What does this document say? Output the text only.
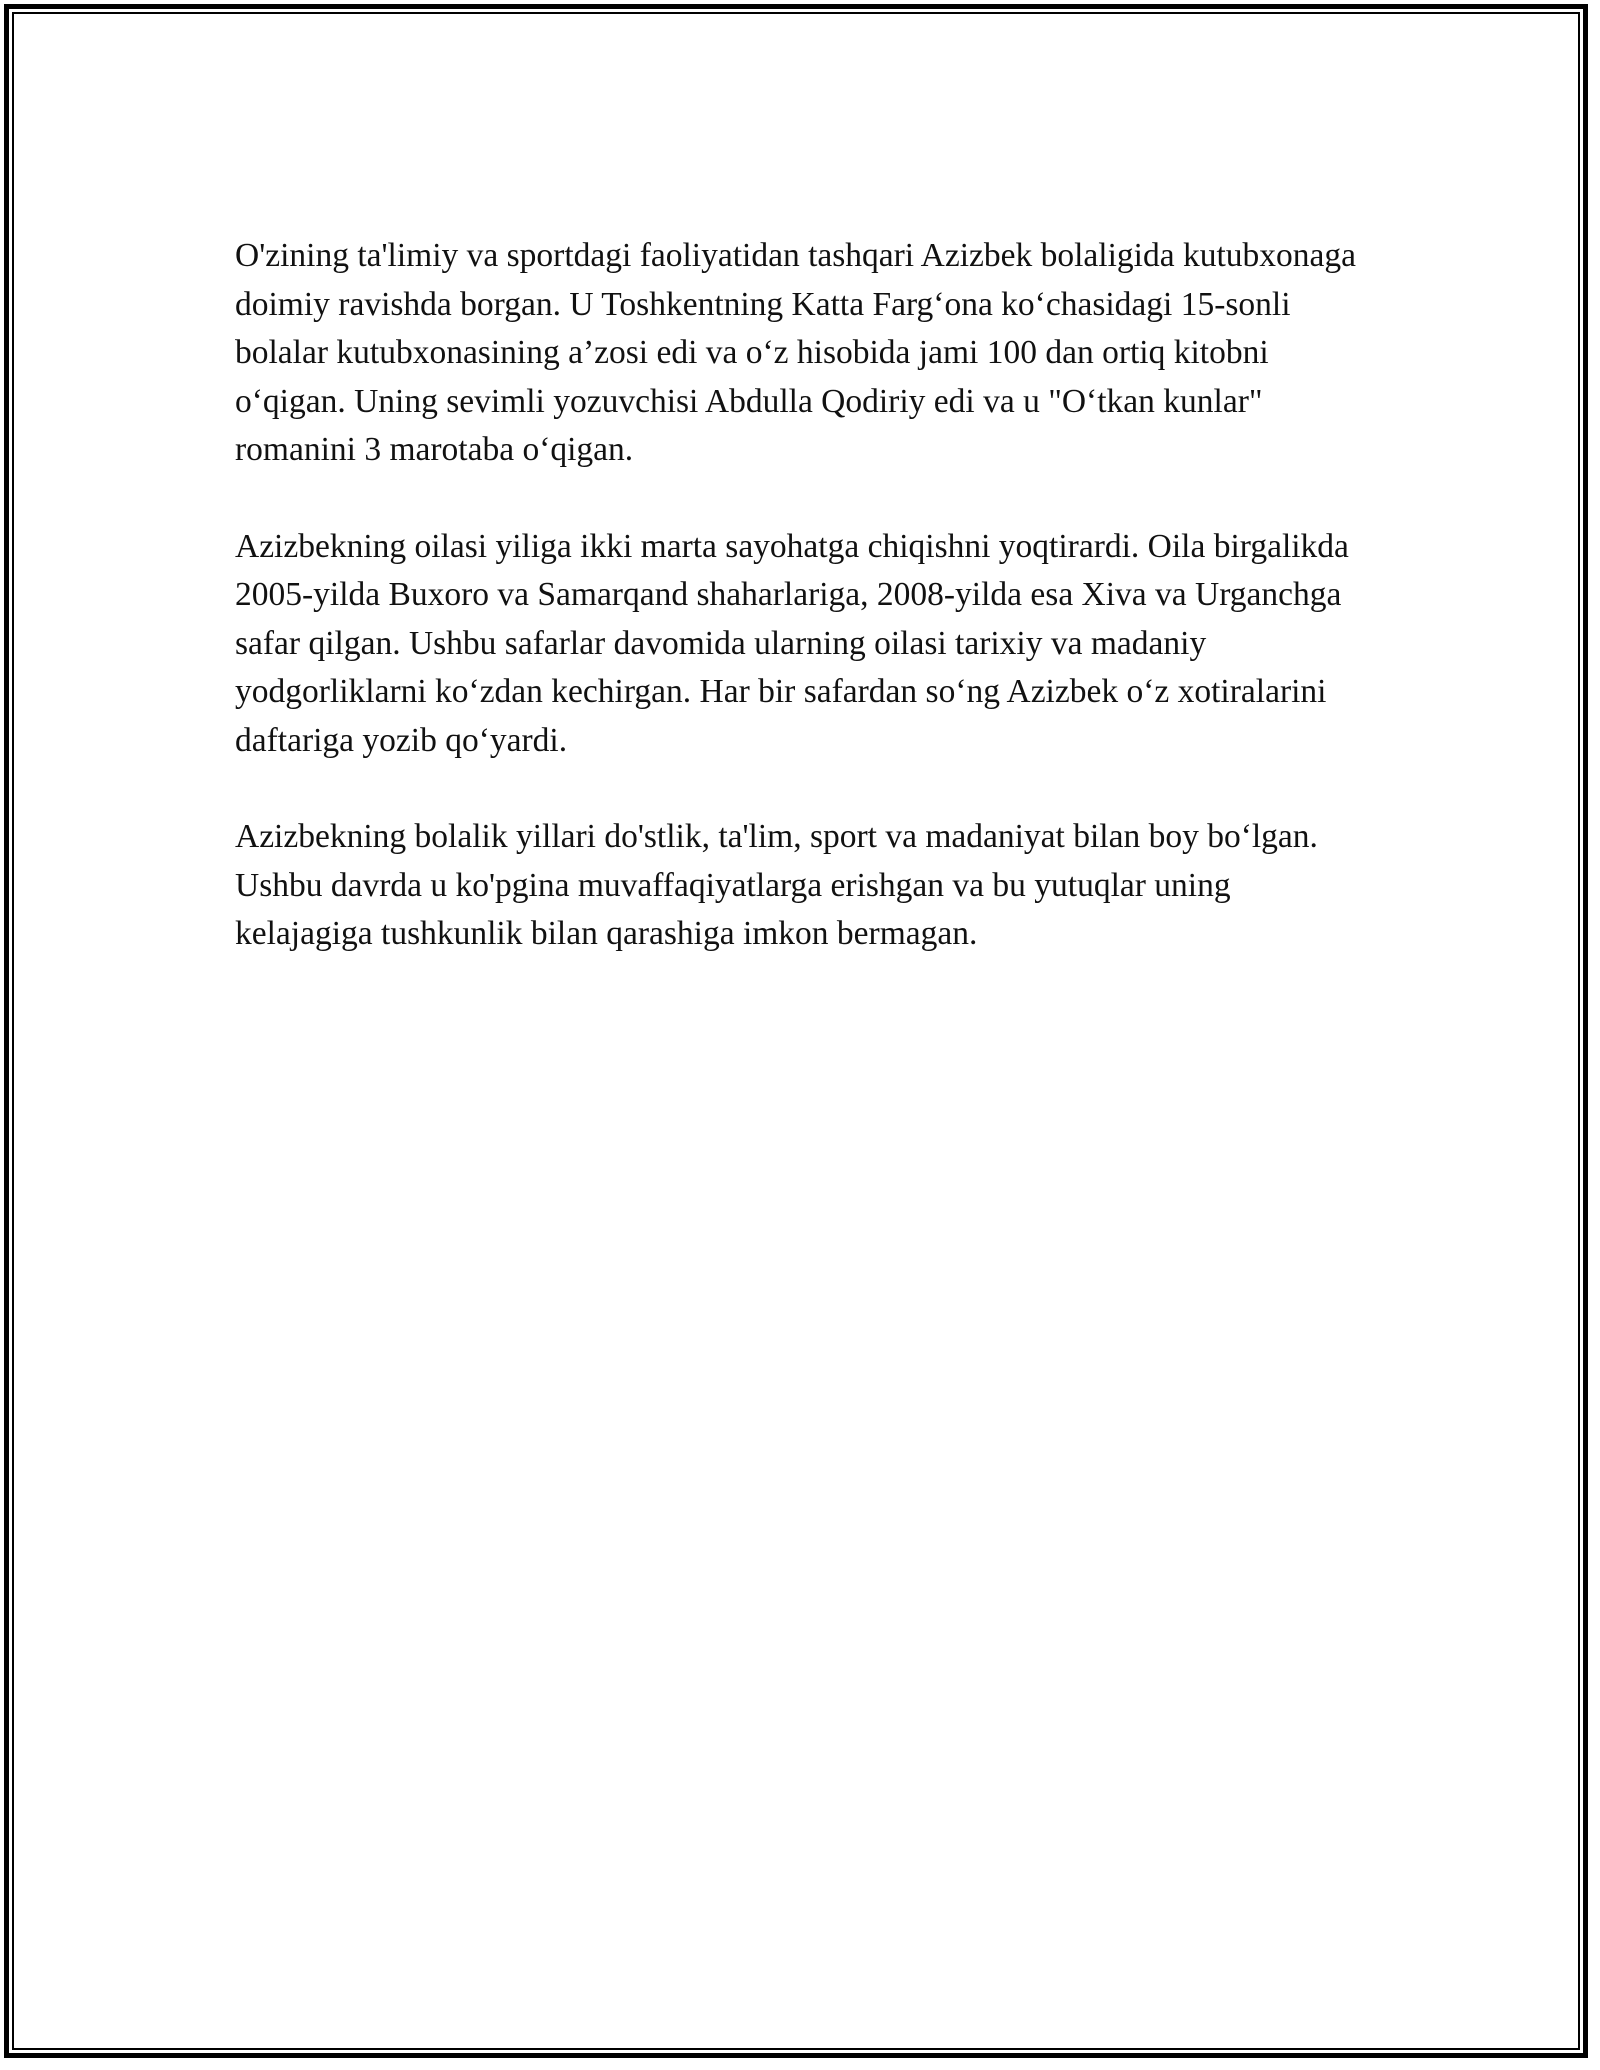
O'zining ta'limiy va sportdagi faoliyatidan tashqari Azizbek bolaligida kutubxonaga doimiy ravishda borgan. U Toshkentning Katta Farg‘ona ko‘chasidagi 15-sonli bolalar kutubxonasining a’zosi edi va o‘z hisobida jami 100 dan ortiq kitobni o‘qigan. Uning sevimli yozuvchisi Abdulla Qodiriy edi va u "O‘tkan kunlar" romanini 3 marotaba o‘qigan.

Azizbekning oilasi yiliga ikki marta sayohatga chiqishni yoqtirardi. Oila birgalikda 2005-yilda Buxoro va Samarqand shaharlariga, 2008-yilda esa Xiva va Urganchga safar qilgan. Ushbu safarlar davomida ularning oilasi tarixiy va madaniy yodgorliklarni ko‘zdan kechirgan. Har bir safardan so‘ng Azizbek o‘z xotiralarini daftariga yozib qo‘yardi.

Azizbekning bolalik yillari do'stlik, ta'lim, sport va madaniyat bilan boy bo‘lgan. Ushbu davrda u ko'pgina muvaffaqiyatlarga erishgan va bu yutuqlar uning kelajagiga tushkunlik bilan qarashiga imkon bermagan.
